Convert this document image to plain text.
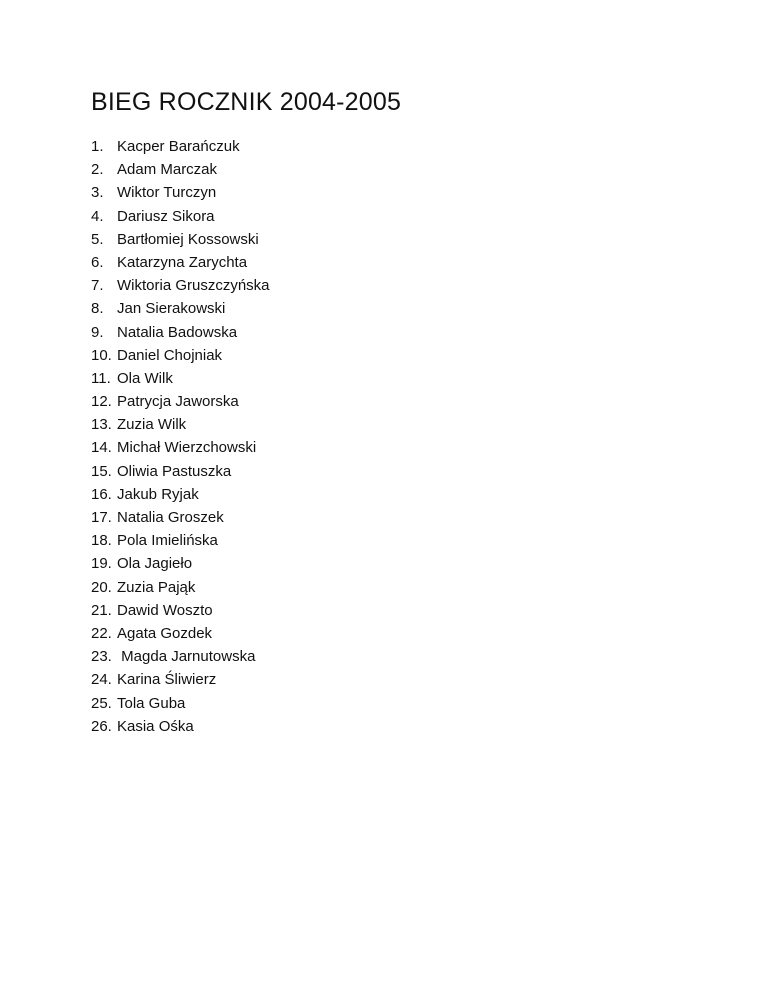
BIEG ROCZNIK 2004-2005
1. Kacper Barańczuk
2. Adam Marczak
3. Wiktor Turczyn
4. Dariusz Sikora
5. Bartłomiej Kossowski
6. Katarzyna Zarychta
7. Wiktoria Gruszczyńska
8. Jan Sierakowski
9. Natalia Badowska
10. Daniel Chojniak
11. Ola Wilk
12. Patrycja Jaworska
13. Zuzia Wilk
14. Michał Wierzchowski
15. Oliwia Pastuszka
16. Jakub Ryjak
17. Natalia Groszek
18. Pola Imielińska
19. Ola Jagieło
20. Zuzia Pająk
21. Dawid Woszto
22. Agata Gozdek
23. Magda Jarnutowska
24. Karina Śliwierz
25. Tola Guba
26. Kasia Ośka
